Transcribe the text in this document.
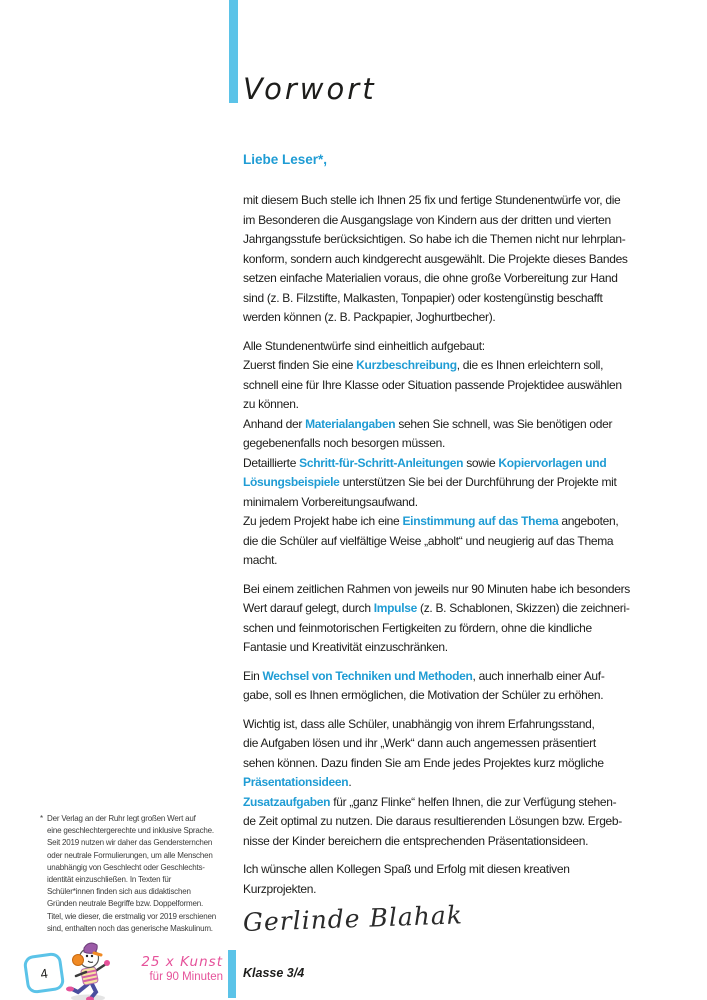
Vorwort

Liebe Leser*,

mit diesem Buch stelle ich Ihnen 25 fix und fertige Stundenentwürfe vor, die
im Besonderen die Ausgangslage von Kindern aus der dritten und vierten
Jahrgangsstufe berücksichtigen. So habe ich die Themen nicht nur lehrplan-
konform, sondern auch kindgerecht ausgewählt. Die Projekte dieses Bandes
setzen einfache Materialien voraus, die ohne große Vorbereitung zur Hand
sind (z. B. Filzstifte, Malkasten, Tonpapier) oder kostengünstig beschafft
werden können (z. B. Packpapier, Joghurtbecher).
Alle Stundenentwürfe sind einheitlich aufgebaut:
Zuerst finden Sie eine Kurzbeschreibung, die es Ihnen erleichtern soll,
schnell eine für Ihre Klasse oder Situation passende Projektidee auswählen
zu können.
Anhand der Materialangaben sehen Sie schnell, was Sie benötigen oder
gegebenenfalls noch besorgen müssen.
Detaillierte Schritt-für-Schritt-Anleitungen sowie Kopiervorlagen und
Lösungsbeispiele unterstützen Sie bei der Durchführung der Projekte mit
minimalem Vorbereitungsaufwand.
Zu jedem Projekt habe ich eine Einstimmung auf das Thema angeboten,
die die Schüler auf vielfältige Weise „abholt“ und neugierig auf das Thema
macht.
Bei einem zeitlichen Rahmen von jeweils nur 90 Minuten habe ich besonders
Wert darauf gelegt, durch Impulse (z. B. Schablonen, Skizzen) die zeichneri-
schen und feinmotorischen Fertigkeiten zu fördern, ohne die kindliche
Fantasie und Kreativität einzuschränken.
Ein Wechsel von Techniken und Methoden, auch innerhalb einer Auf-
gabe, soll es Ihnen ermöglichen, die Motivation der Schüler zu erhöhen.
Wichtig ist, dass alle Schüler, unabhängig von ihrem Erfahrungsstand,
die Aufgaben lösen und ihr „Werk“ dann auch angemessen präsentiert
sehen können. Dazu finden Sie am Ende jedes Projektes kurz mögliche
Präsentationsideen.
Zusatzaufgaben für „ganz Flinke“ helfen Ihnen, die zur Verfügung stehen-
de Zeit optimal zu nutzen. Die daraus resultierenden Lösungen bzw. Ergeb-
nisse der Kinder bereichern die entsprechenden Präsentationsideen.
Ich wünsche allen Kollegen Spaß und Erfolg mit diesen kreativen
Kurzprojekten.
Gerlinde Blahak
* Der Verlag an der Ruhr legt großen Wert auf
eine geschlechtergerechte und inklusive Sprache.
Seit 2019 nutzen wir daher das Gendersternchen
oder neutrale Formulierungen, um alle Menschen
unabhängig von Geschlecht oder Geschlechts-
identität einzuschließen. In Texten für
Schüler*innen finden sich aus didaktischen
Gründen neutrale Begriffe bzw. Doppelformen.
Titel, wie dieser, die erstmalig vor 2019 erschienen
sind, enthalten noch das generische Maskulinum.
4
25 x Kunst
für 90 Minuten Klasse 3/4
